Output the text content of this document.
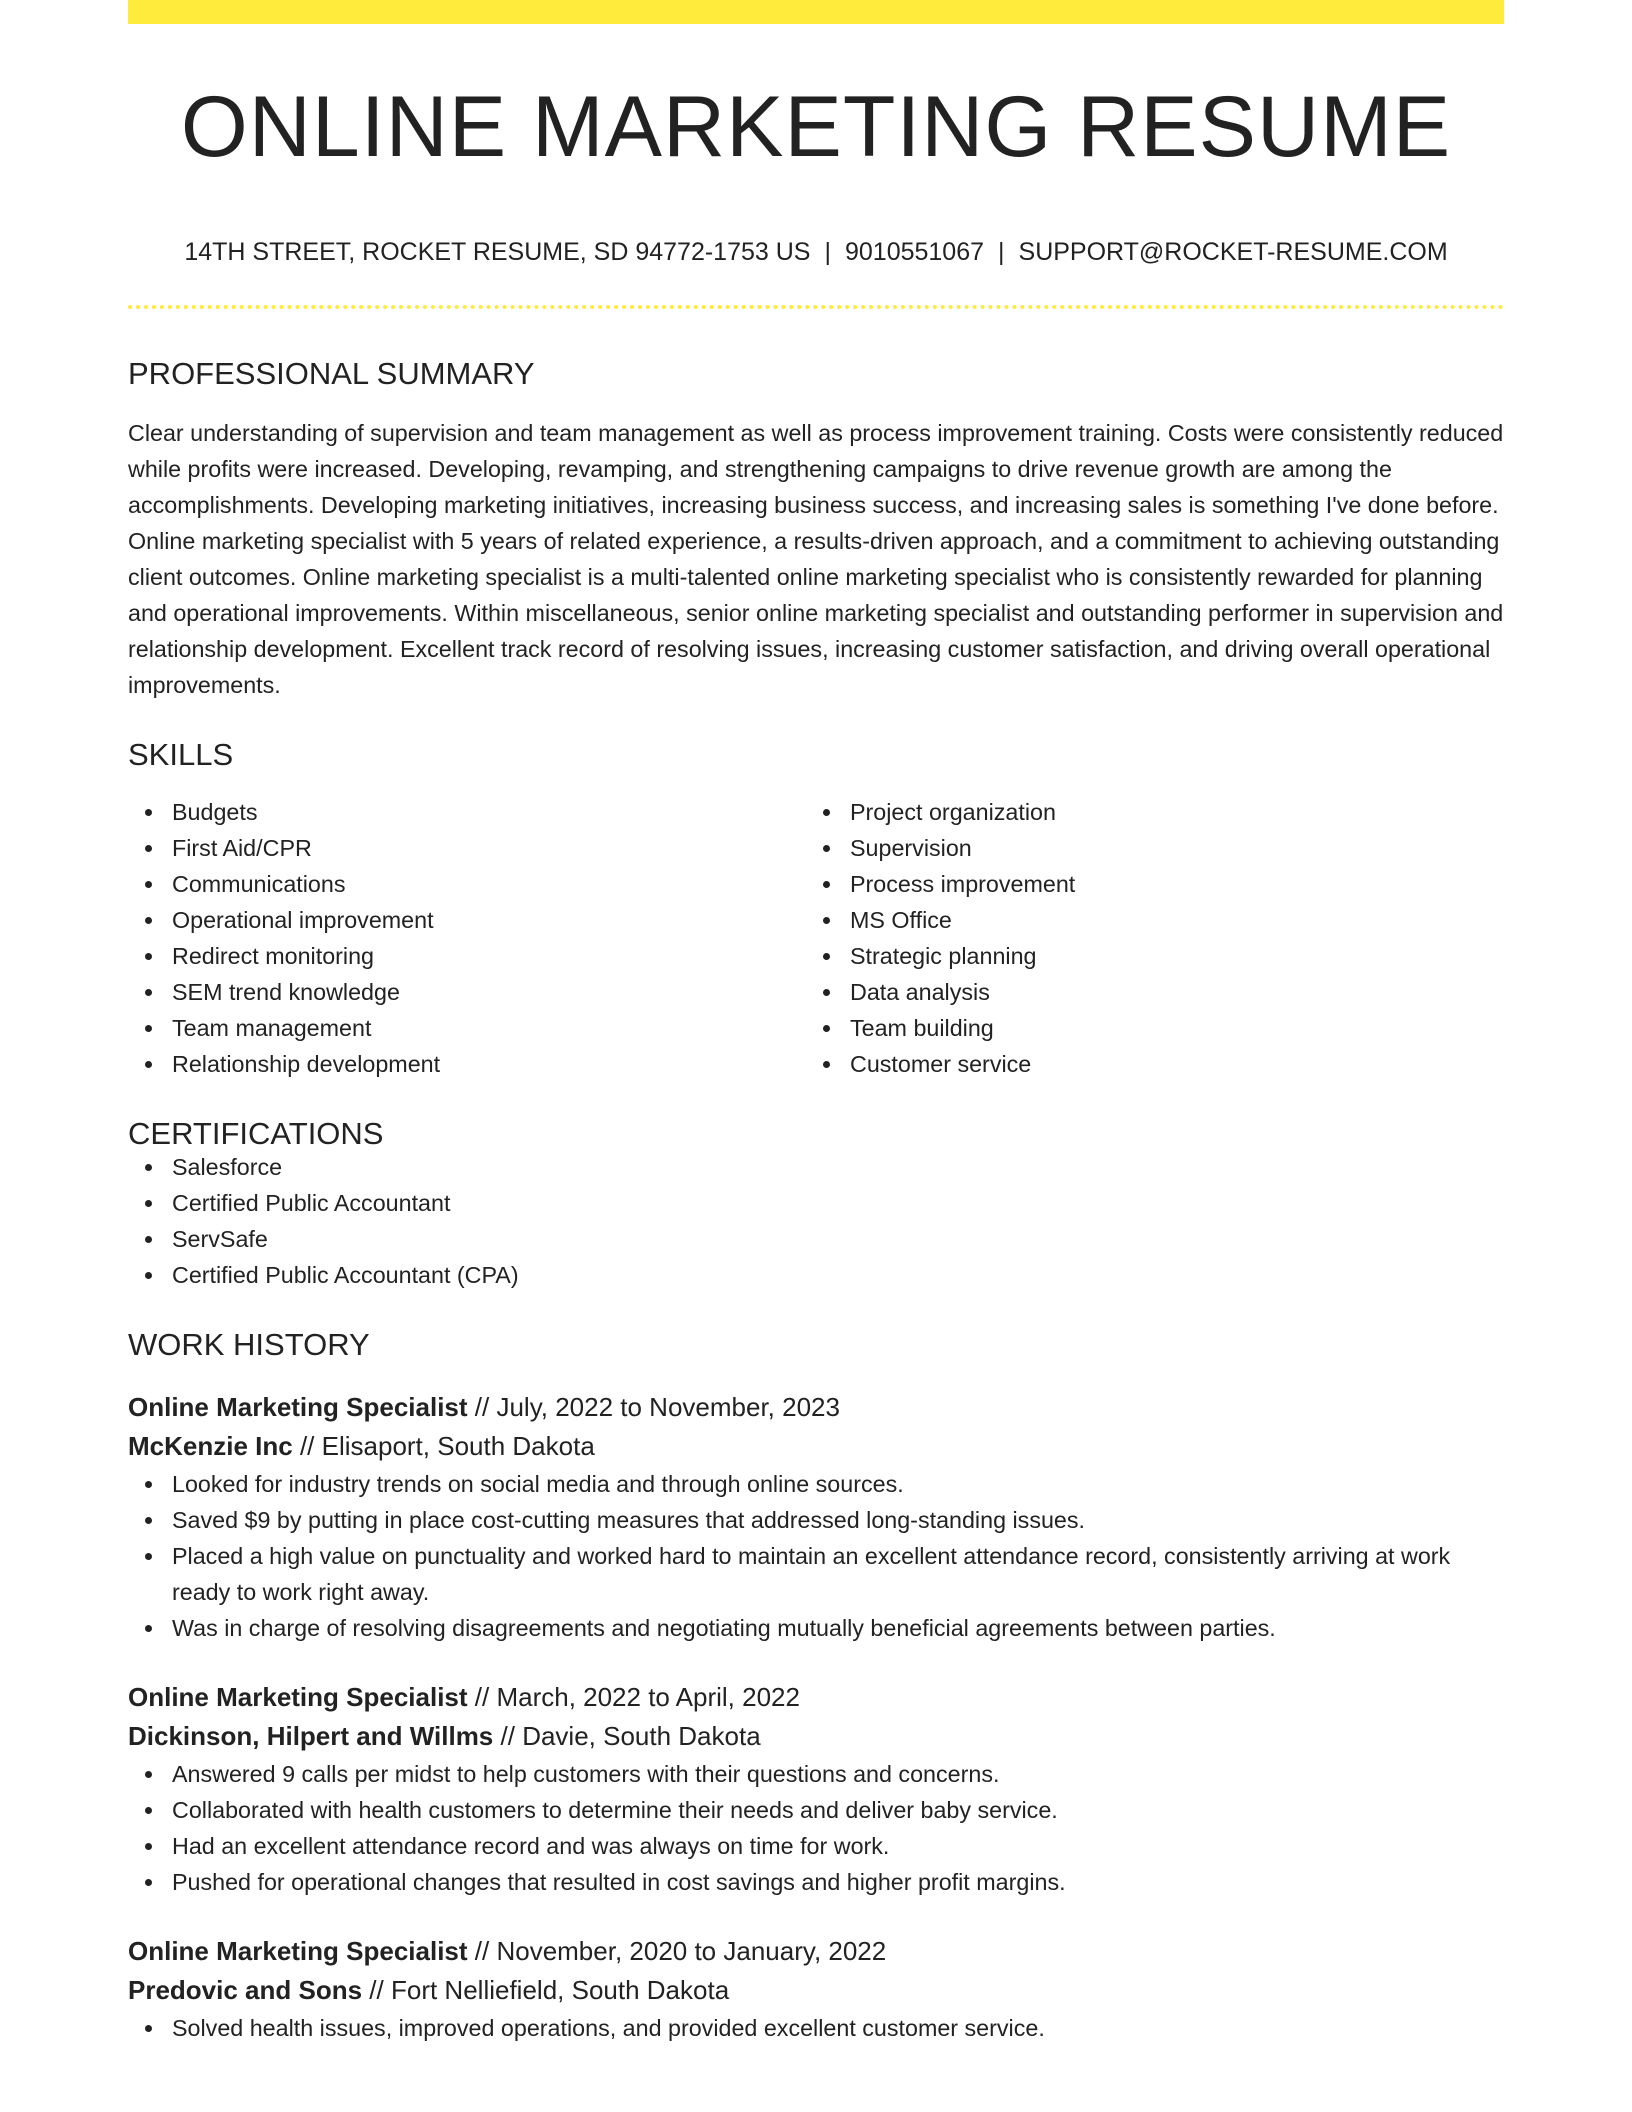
ONLINE MARKETING RESUME
14TH STREET, ROCKET RESUME, SD 94772-1753 US | 9010551067 | SUPPORT@ROCKET-RESUME.COM
PROFESSIONAL SUMMARY

Clear understanding of supervision and team management as well as process improvement training. Costs were consistently reduced while profits were increased. Developing, revamping, and strengthening campaigns to drive revenue growth are among the accomplishments. Developing marketing initiatives, increasing business success, and increasing sales is something I've done before. Online marketing specialist with 5 years of related experience, a results-driven approach, and a commitment to achieving outstanding client outcomes. Online marketing specialist is a multi-talented online marketing specialist who is consistently rewarded for planning and operational improvements. Within miscellaneous, senior online marketing specialist and outstanding performer in supervision and relationship development. Excellent track record of resolving issues, increasing customer satisfaction, and driving overall operational improvements.

SKILLS
Budgets
First Aid/CPR
Communications
Operational improvement
Redirect monitoring
SEM trend knowledge
Team management
Relationship development
Project organization
Supervision
Process improvement
MS Office
Strategic planning
Data analysis
Team building
Customer service
CERTIFICATIONS
Salesforce
Certified Public Accountant
ServSafe
Certified Public Accountant (CPA)
WORK HISTORY
Online Marketing Specialist // July, 2022 to November, 2023
McKenzie Inc // Elisaport, South Dakota
Looked for industry trends on social media and through online sources.
Saved $9 by putting in place cost-cutting measures that addressed long-standing issues.
Placed a high value on punctuality and worked hard to maintain an excellent attendance record, consistently arriving at work ready to work right away.
Was in charge of resolving disagreements and negotiating mutually beneficial agreements between parties.
Online Marketing Specialist // March, 2022 to April, 2022
Dickinson, Hilpert and Willms // Davie, South Dakota
Answered 9 calls per midst to help customers with their questions and concerns.
Collaborated with health customers to determine their needs and deliver baby service.
Had an excellent attendance record and was always on time for work.
Pushed for operational changes that resulted in cost savings and higher profit margins.
Online Marketing Specialist // November, 2020 to January, 2022
Predovic and Sons // Fort Nelliefield, South Dakota
Solved health issues, improved operations, and provided excellent customer service.
